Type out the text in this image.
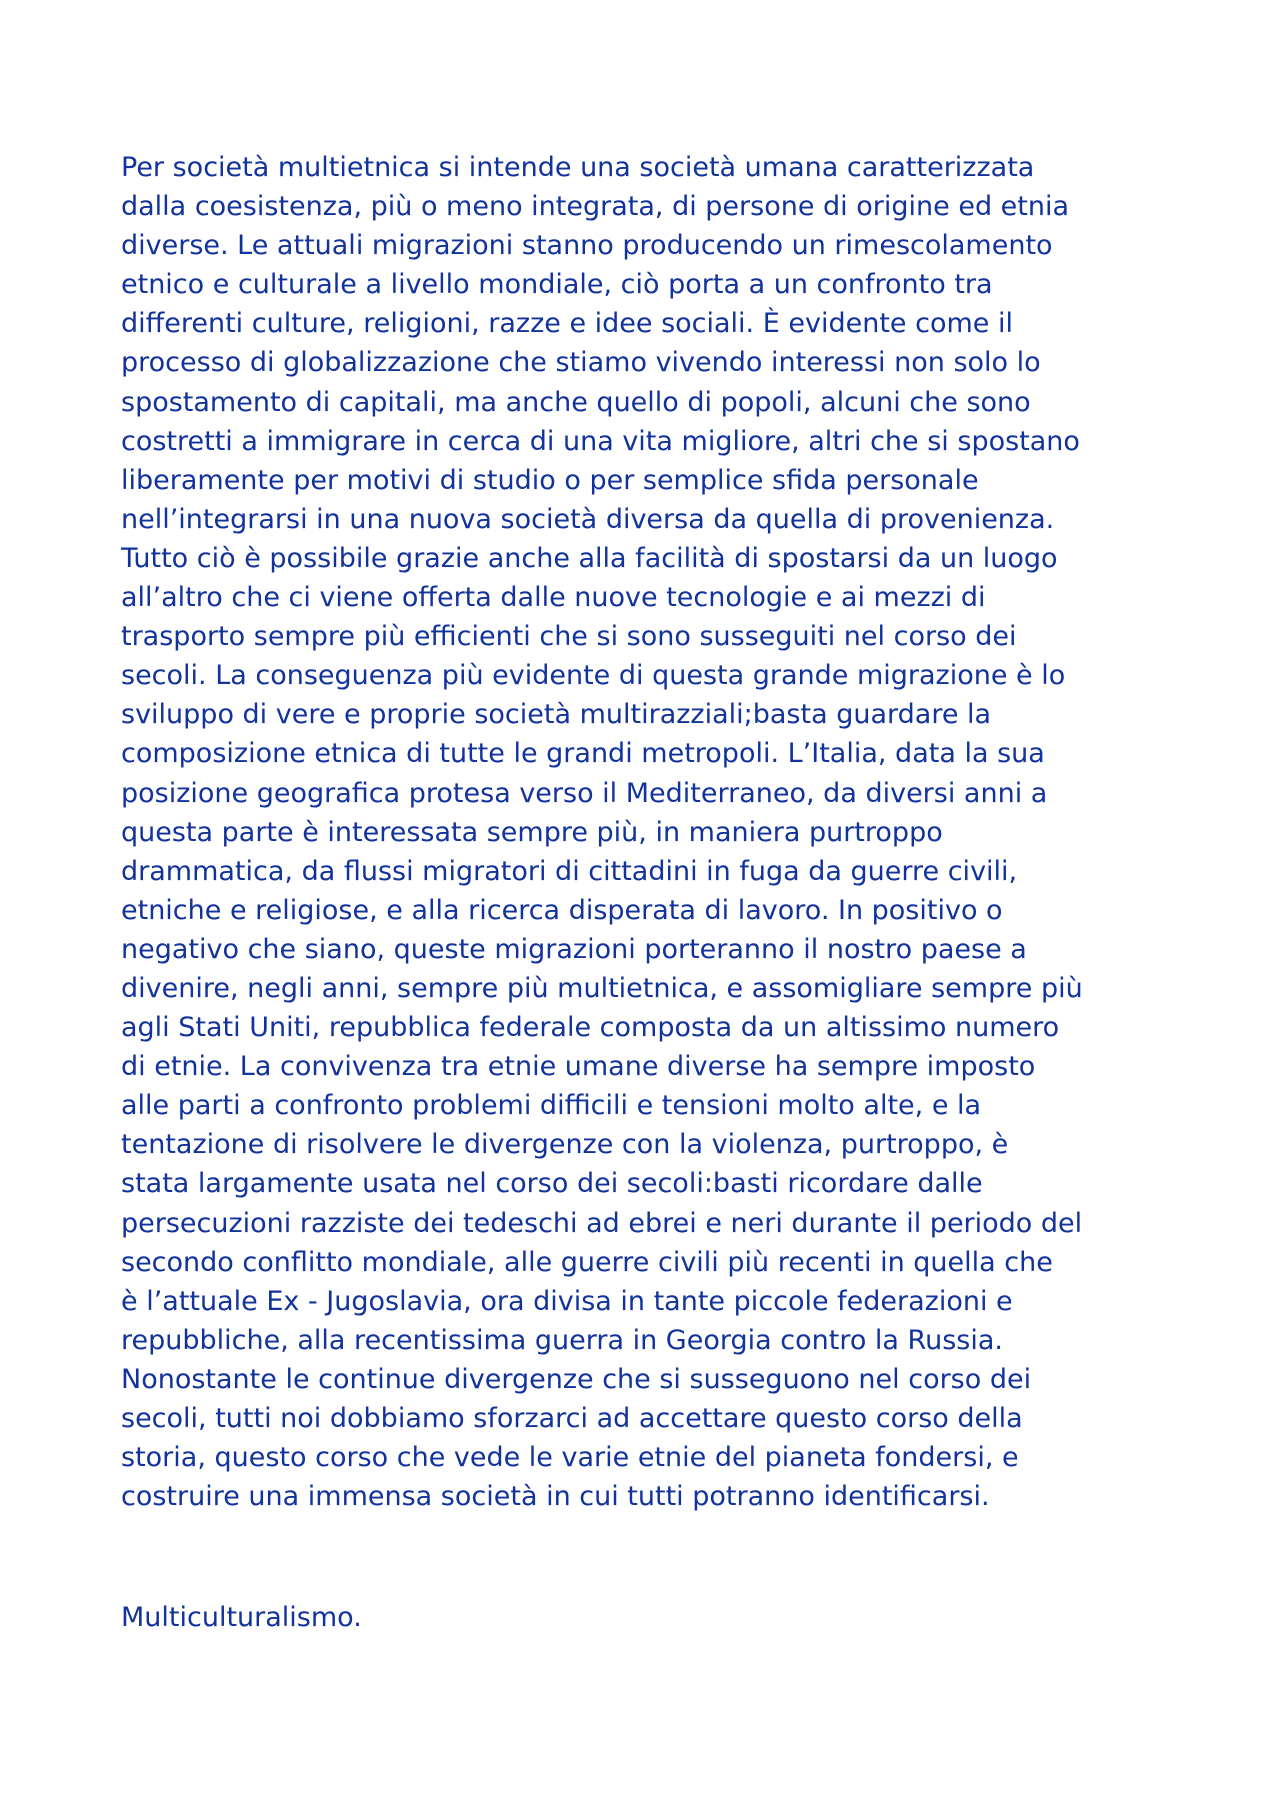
Per società multietnica si intende una società umana caratterizzata
dalla coesistenza, più o meno integrata, di persone di origine ed etnia
diverse. Le attuali migrazioni stanno producendo un rimescolamento
etnico e culturale a livello mondiale, ciò porta a un confronto tra
differenti culture, religioni, razze e idee sociali. È evidente come il
processo di globalizzazione che stiamo vivendo interessi non solo lo
spostamento di capitali, ma anche quello di popoli, alcuni che sono
costretti a immigrare in cerca di una vita migliore, altri che si spostano
liberamente per motivi di studio o per semplice sfida personale
nell’integrarsi in una nuova società diversa da quella di provenienza.
Tutto ciò è possibile grazie anche alla facilità di spostarsi da un luogo
all’altro che ci viene offerta dalle nuove tecnologie e ai mezzi di
trasporto sempre più efficienti che si sono susseguiti nel corso dei
secoli. La conseguenza più evidente di questa grande migrazione è lo
sviluppo di vere e proprie società multirazziali;basta guardare la
composizione etnica di tutte le grandi metropoli. L’Italia, data la sua
posizione geografica protesa verso il Mediterraneo, da diversi anni a
questa parte è interessata sempre più, in maniera purtroppo
drammatica, da flussi migratori di cittadini in fuga da guerre civili,
etniche e religiose, e alla ricerca disperata di lavoro. In positivo o
negativo che siano, queste migrazioni porteranno il nostro paese a
divenire, negli anni, sempre più multietnica, e assomigliare sempre più
agli Stati Uniti, repubblica federale composta da un altissimo numero
di etnie. La convivenza tra etnie umane diverse ha sempre imposto
alle parti a confronto problemi difficili e tensioni molto alte, e la
tentazione di risolvere le divergenze con la violenza, purtroppo, è
stata largamente usata nel corso dei secoli:basti ricordare dalle
persecuzioni razziste dei tedeschi ad ebrei e neri durante il periodo del
secondo conflitto mondiale, alle guerre civili più recenti in quella che
è l’attuale Ex - Jugoslavia, ora divisa in tante piccole federazioni e
repubbliche, alla recentissima guerra in Georgia contro la Russia.
Nonostante le continue divergenze che si susseguono nel corso dei
secoli, tutti noi dobbiamo sforzarci ad accettare questo corso della
storia, questo corso che vede le varie etnie del pianeta fondersi, e
costruire una immensa società in cui tutti potranno identificarsi.

Multiculturalismo.
